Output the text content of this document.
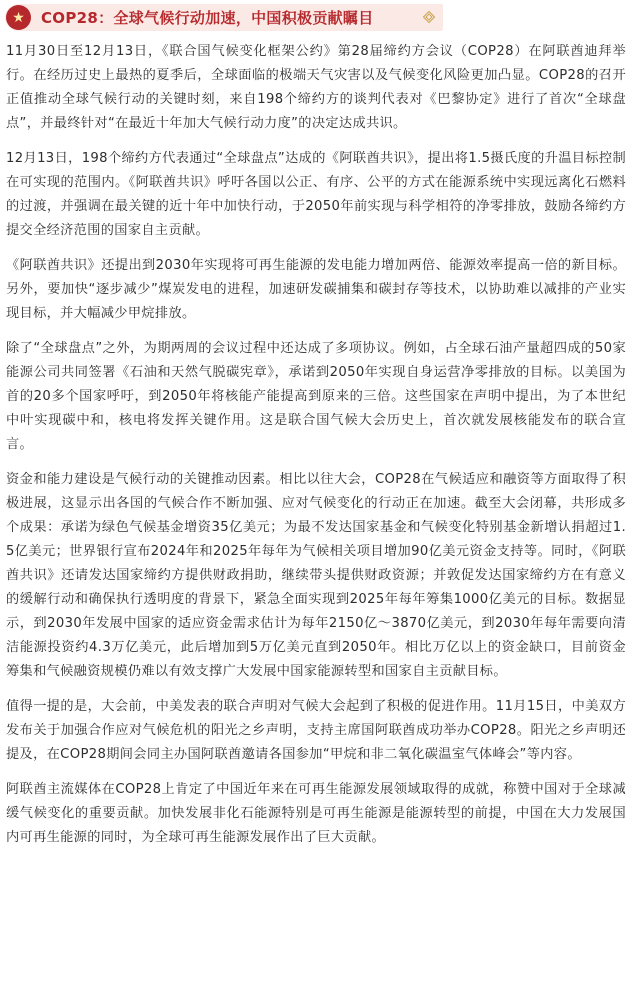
★	COP28：全球气候行动加速，中国积极贡献瞩目

11月30日至12月13日，《联合国气候变化框架公约》第28届缔约方会议（COP28）在阿联酋迪拜举行。在经历过史上最热的夏季后，全球面临的极端天气灾害以及气候变化风险更加凸显。COP28的召开正值推动全球气候行动的关键时刻，来自198个缔约方的谈判代表对《巴黎协定》进行了首次“全球盘点”，并最终针对“在最近十年加大气候行动力度”的决定达成共识。

12月13日，198个缔约方代表通过“全球盘点”达成的《阿联酋共识》，提出将1.5摄氏度的升温目标控制在可实现的范围内。《阿联酋共识》呼吁各国以公正、有序、公平的方式在能源系统中实现远离化石燃料的过渡，并强调在最关键的近十年中加快行动，于2050年前实现与科学相符的净零排放，鼓励各缔约方提交全经济范围的国家自主贡献。

《阿联酋共识》还提出到2030年实现将可再生能源的发电能力增加两倍、能源效率提高一倍的新目标。另外，要加快“逐步减少”煤炭发电的进程，加速研发碳捕集和碳封存等技术，以协助难以减排的产业实现目标，并大幅减少甲烷排放。

除了“全球盘点”之外，为期两周的会议过程中还达成了多项协议。例如，占全球石油产量超四成的50家能源公司共同签署《石油和天然气脱碳宪章》，承诺到2050年实现自身运营净零排放的目标。以美国为首的20多个国家呼吁，到2050年将核能产能提高到原来的三倍。这些国家在声明中提出，为了本世纪中叶实现碳中和，核电将发挥关键作用。这是联合国气候大会历史上，首次就发展核能发布的联合宣言。

资金和能力建设是气候行动的关键推动因素。相比以往大会，COP28在气候适应和融资等方面取得了积极进展，这显示出各国的气候合作不断加强、应对气候变化的行动正在加速。截至大会闭幕，共形成多个成果：承诺为绿色气候基金增资35亿美元；为最不发达国家基金和气候变化特别基金新增认捐超过1.5亿美元；世界银行宣布2024年和2025年每年为气候相关项目增加90亿美元资金支持等。同时，《阿联酋共识》还请发达国家缔约方提供财政捐助，继续带头提供财政资源；并敦促发达国家缔约方在有意义的缓解行动和确保执行透明度的背景下，紧急全面实现到2025年每年筹集1000亿美元的目标。数据显示，到2030年发展中国家的适应资金需求估计为每年2150亿～3870亿美元，到2030年每年需要向清洁能源投资约4.3万亿美元，此后增加到5万亿美元直到2050年。相比万亿以上的资金缺口，目前资金筹集和气候融资规模仍难以有效支撑广大发展中国家能源转型和国家自主贡献目标。

值得一提的是，大会前，中美发表的联合声明对气候大会起到了积极的促进作用。11月15日，中美双方发布关于加强合作应对气候危机的阳光之乡声明，支持主席国阿联酋成功举办COP28。阳光之乡声明还提及，在COP28期间会同主办国阿联酋邀请各国参加“甲烷和非二氧化碳温室气体峰会”等内容。

阿联酋主流媒体在COP28上肯定了中国近年来在可再生能源发展领域取得的成就，称赞中国对于全球减缓气候变化的重要贡献。加快发展非化石能源特别是可再生能源是能源转型的前提，中国在大力发展国内可再生能源的同时，为全球可再生能源发展作出了巨大贡献。
